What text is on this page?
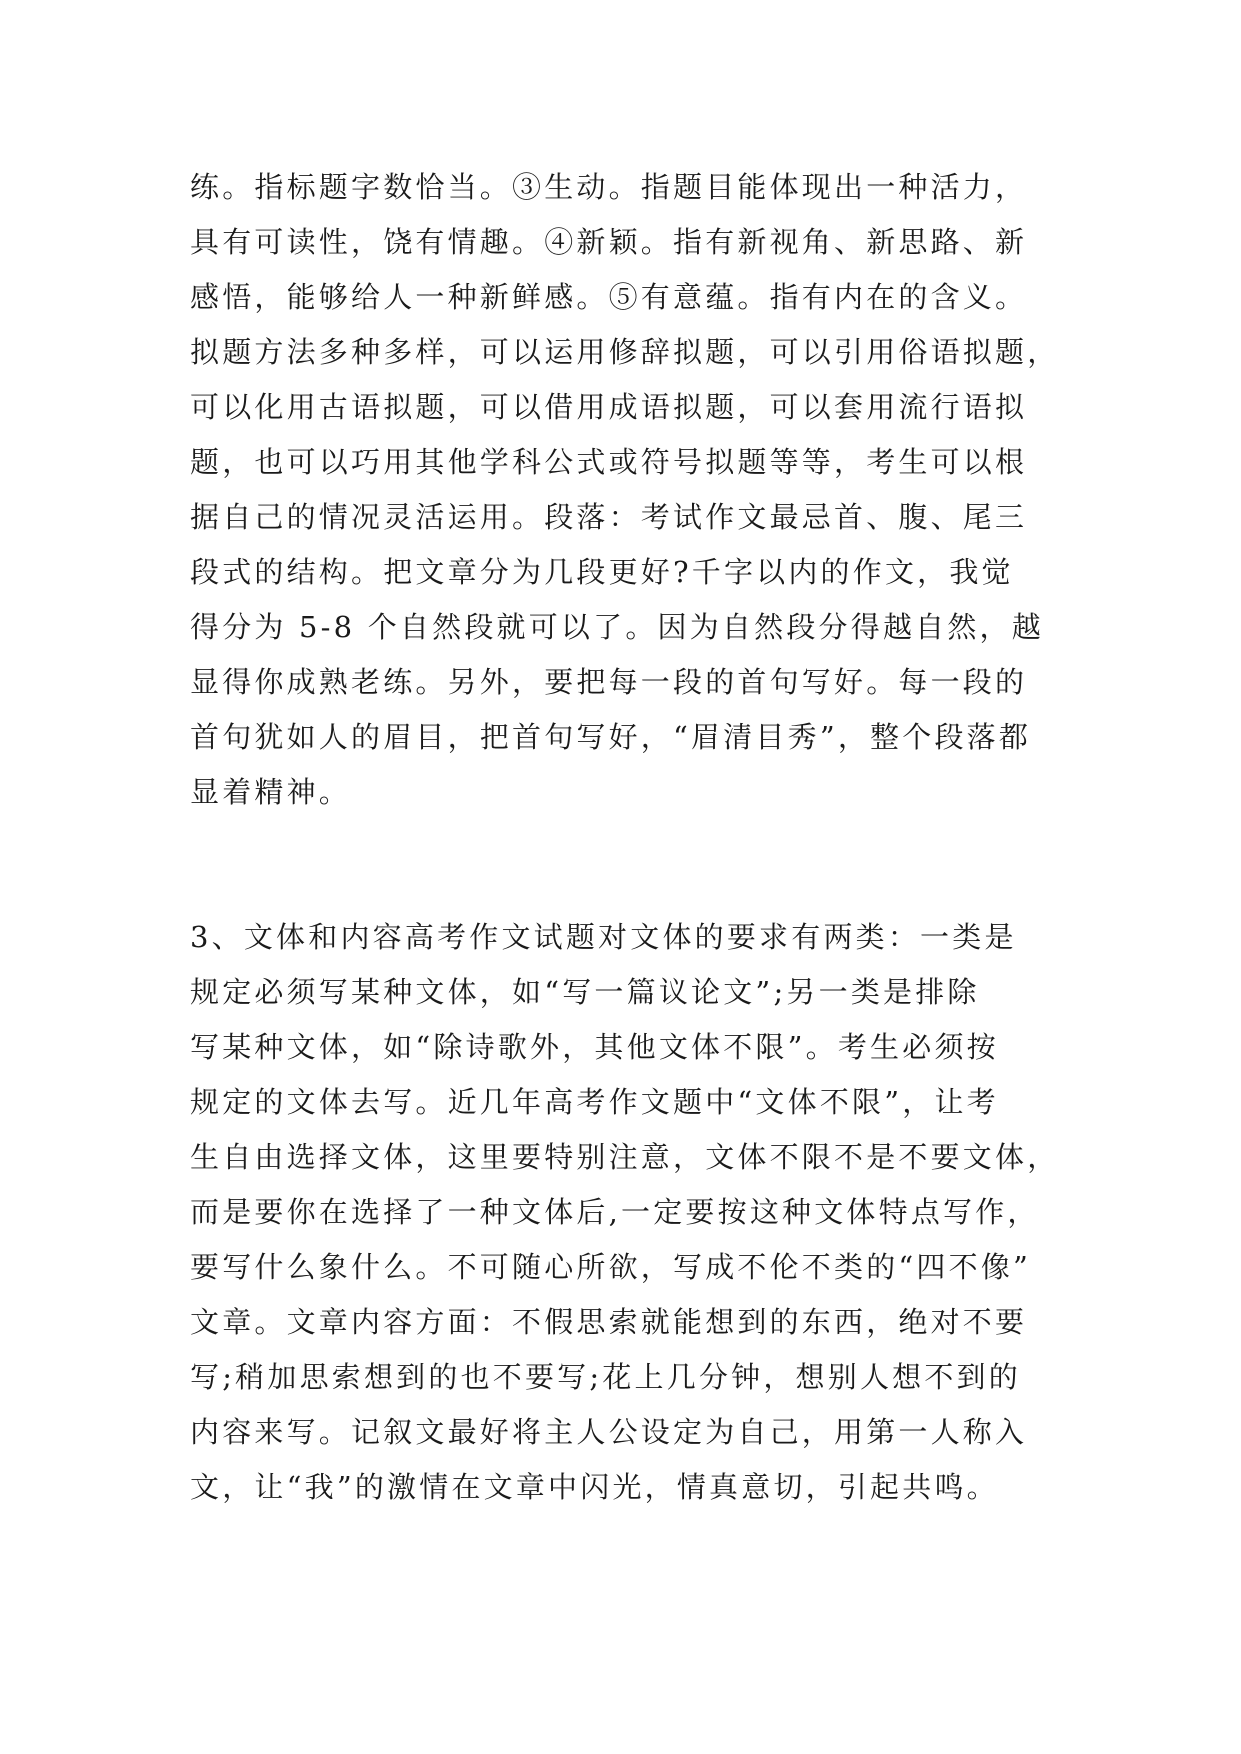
练。指标题字数恰当。③生动。指题目能体现出一种活力，
具有可读性，饶有情趣。④新颖。指有新视角、新思路、新
感悟，能够给人一种新鲜感。⑤有意蕴。指有内在的含义。
拟题方法多种多样，可以运用修辞拟题，可以引用俗语拟题，
可以化用古语拟题，可以借用成语拟题，可以套用流行语拟
题，也可以巧用其他学科公式或符号拟题等等，考生可以根
据自己的情况灵活运用。段落：考试作文最忌首、腹、尾三
段式的结构。把文章分为几段更好?千字以内的作文，我觉
得分为 5-8 个自然段就可以了。因为自然段分得越自然，越
显得你成熟老练。另外，要把每一段的首句写好。每一段的
首句犹如人的眉目，把首句写好，“眉清目秀”，整个段落都
显着精神。
3、文体和内容高考作文试题对文体的要求有两类：一类是
规定必须写某种文体，如“写一篇议论文”;另一类是排除
写某种文体，如“除诗歌外，其他文体不限”。考生必须按
规定的文体去写。近几年高考作文题中“文体不限”，让考
生自由选择文体，这里要特别注意，文体不限不是不要文体，
而是要你在选择了一种文体后,一定要按这种文体特点写作，
要写什么象什么。不可随心所欲，写成不伦不类的“四不像”
文章。文章内容方面：不假思索就能想到的东西，绝对不要
写;稍加思索想到的也不要写;花上几分钟，想别人想不到的
内容来写。记叙文最好将主人公设定为自己，用第一人称入
文，让“我”的激情在文章中闪光，情真意切，引起共鸣。
